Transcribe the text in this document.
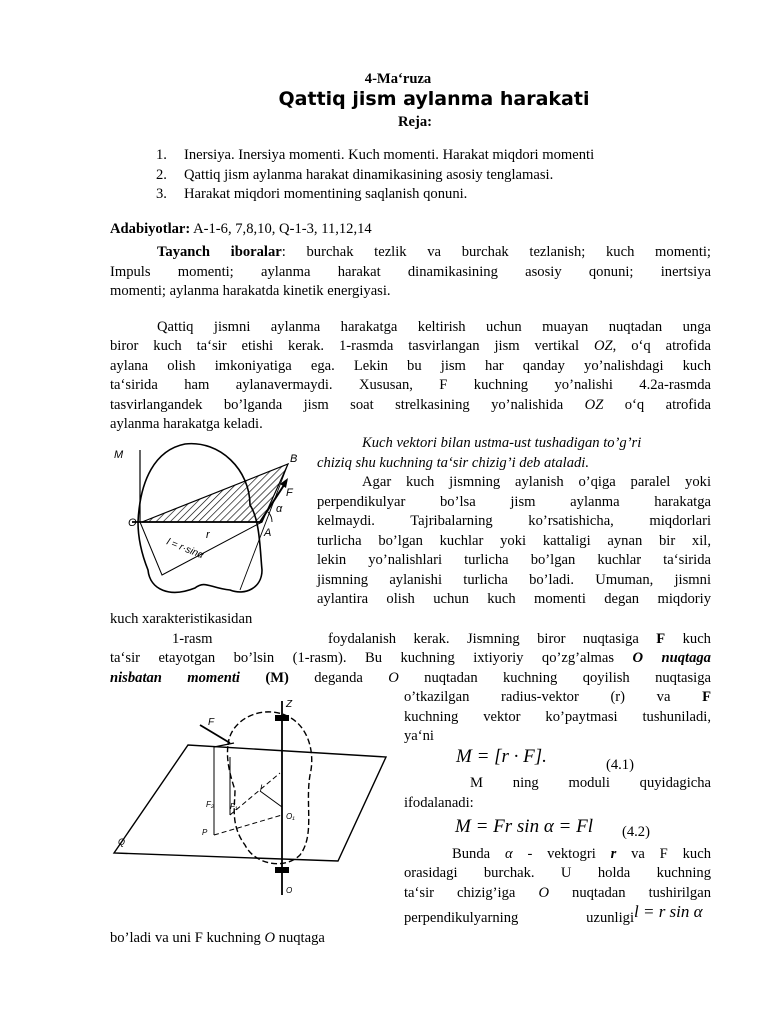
4-Ma‘ruza
Qattiq jism aylanma harakati
Reja:
1.	Inersiya. Inersiya momenti. Kuch momenti. Harakat miqdori momenti
2.	Qattiq jism aylanma harakat dinamikasining asosiy tenglamasi.
3.	Harakat miqdori momentining saqlanish qonuni.
Adabiyotlar: A-1-6, 7,8,10, Q-1-3, 11,12,14
Tayanch iboralar: burchak tezlik va burchak tezlanish; kuch momenti;
Impuls momenti; aylanma harakat dinamikasining asosiy qonuni; inertsiya
momenti; aylanma harakatda kinetik energiyasi.
Qattiq jismni aylanma harakatga keltirish uchun muayan nuqtadan unga
biror kuch ta‘sir etishi kerak. 1-rasmda tasvirlangan jism vertikal OZ, o‘q atrofida
aylana olish imkoniyatiga ega. Lekin bu jism har qanday yo’nalishdagi kuch
ta‘sirida ham aylanavermaydi. Xususan, F kuchning yo’nalishi 4.2a-rasmda
tasvirlangandek bo’lganda jism soat strelkasining yo’nalishida OZ o‘q atrofida
aylanma harakatga keladi.
Kuch vektori bilan ustma-ust tushadigan to’g’ri
chiziq shu kuchning ta‘sir chizig’i deb ataladi.
Agar kuch jismning aylanish o’qiga paralel yoki
perpendikulyar bo’lsa jism aylanma harakatga
kelmaydi. Tajribalarning ko’rsatishicha, miqdorlari
turlicha bo’lgan kuchlar yoki kattaligi aynan bir xil,
lekin yo’nalishlari turlicha bo’lgan kuchlar ta‘sirida
jismning aylanishi turlicha bo’ladi. Umuman, jismni
aylantira olish uchun kuch momenti degan miqdoriy
kuch xarakteristikasidan
M	B
F
O
r	A
α
l = r·sinα
1-rasm	foydalanish kerak. Jismning biror nuqtasiga F kuch
ta‘sir etayotgan bo’lsin (1-rasm). Bu kuchning ixtiyoriy qo’zg’almas O nuqtaga
nisbatan momenti (M) deganda O nuqtadan kuchning qoyilish nuqtasiga
o’tkazilgan radius-vektor (r) va F
kuchning vektor ko’paytmasi tushuniladi,
ya‘ni
Z
F
F₂ F₁
l
O₁
P
Q
O
M = [r · F].	(4.1)
M ning moduli quyidagicha
ifodalanadi:
M = Fr sin α = Fl (4.2)
Bunda α - vektogri r va F kuch
orasidagi burchak. U holda kuchning
ta‘sir chizig’iga O nuqtadan tushirilgan
perpendikulyarning uzunligi l = r sin α
bo’ladi va uni F kuchning O nuqtaga
